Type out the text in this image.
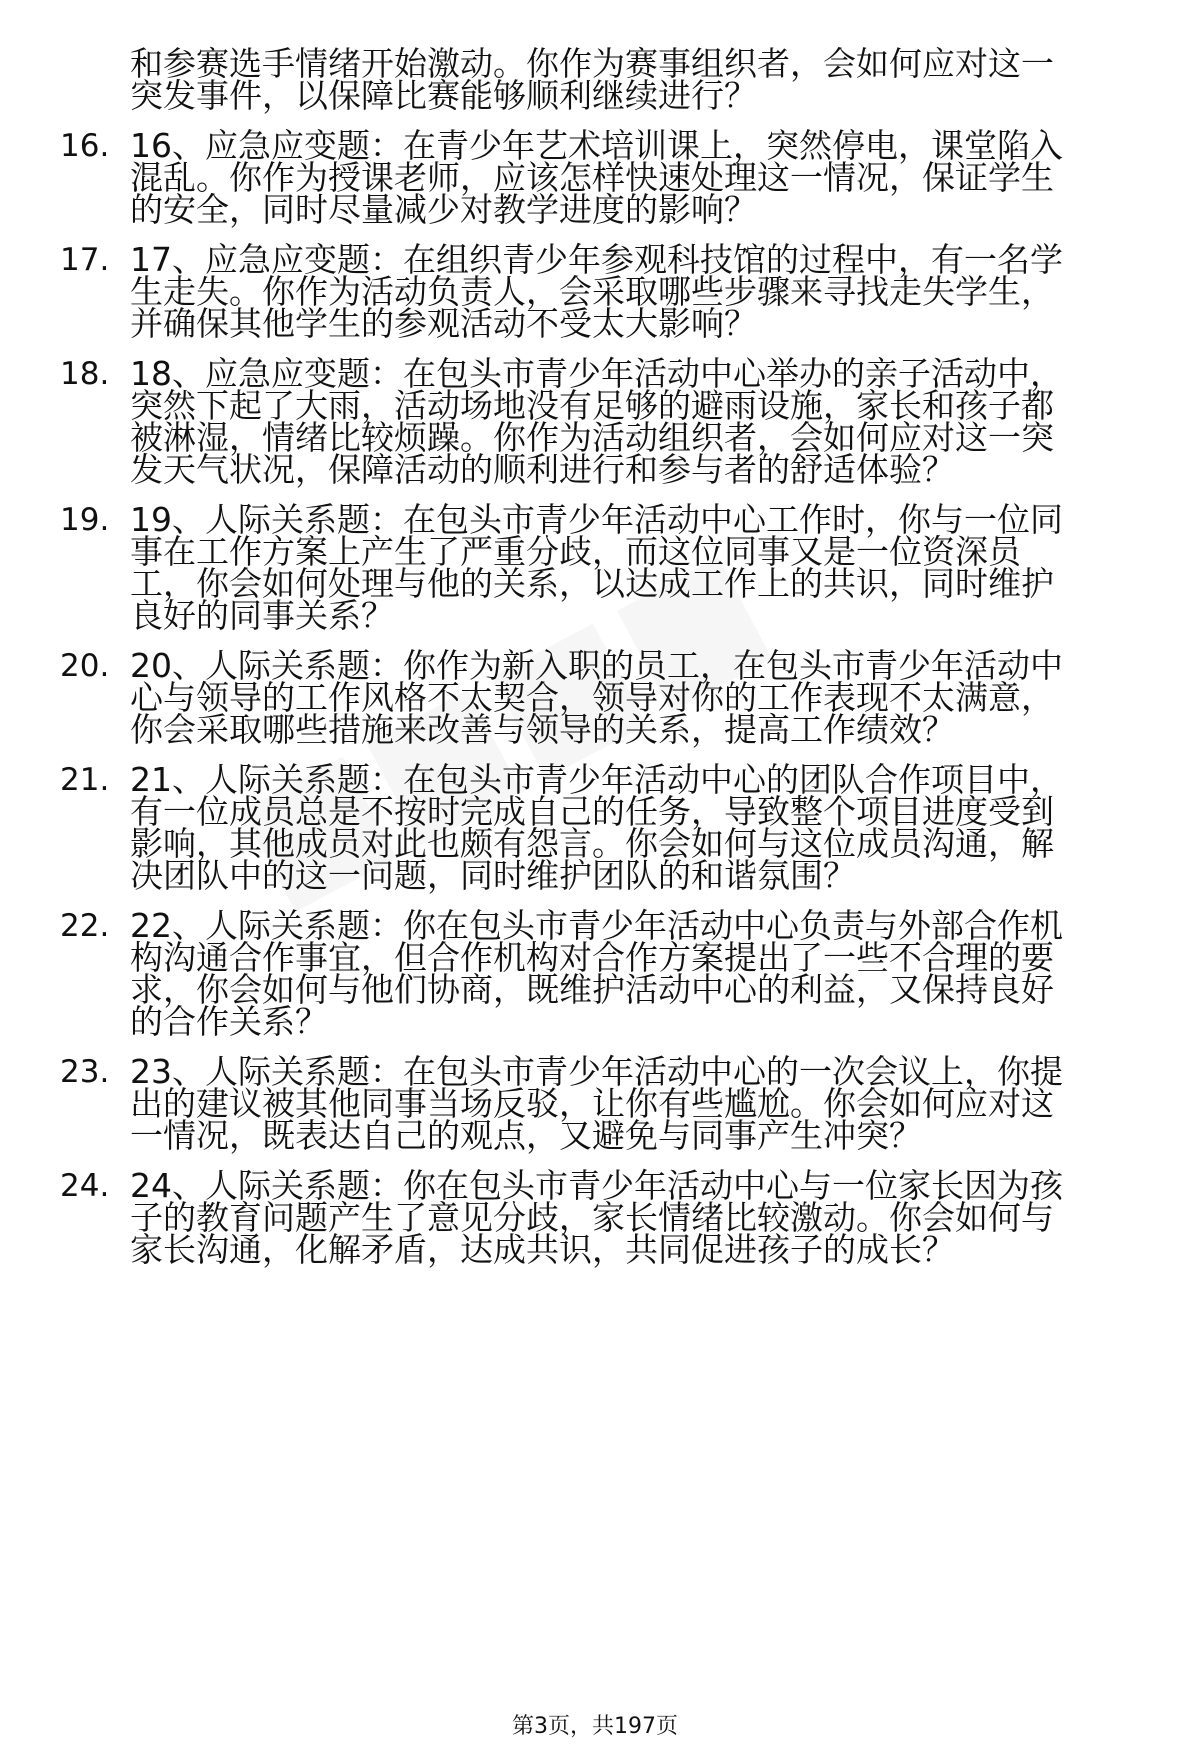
和参赛选手情绪开始激动。你作为赛事组织者，会如何应对这一
突发事件，以保障比赛能够顺利继续进行？
16. 16、应急应变题：在青少年艺术培训课上，突然停电，课堂陷入
混乱。你作为授课老师，应该怎样快速处理这一情况，保证学生
的安全，同时尽量减少对教学进度的影响？
17. 17、应急应变题：在组织青少年参观科技馆的过程中，有一名学
生走失。你作为活动负责人，会采取哪些步骤来寻找走失学生，
并确保其他学生的参观活动不受太大影响？
18. 18、应急应变题：在包头市青少年活动中心举办的亲子活动中，
突然下起了大雨，活动场地没有足够的避雨设施，家长和孩子都
被淋湿，情绪比较烦躁。你作为活动组织者，会如何应对这一突
发天气状况，保障活动的顺利进行和参与者的舒适体验？
19. 19、人际关系题：在包头市青少年活动中心工作时，你与一位同
事在工作方案上产生了严重分歧，而这位同事又是一位资深员
工，你会如何处理与他的关系，以达成工作上的共识，同时维护
良好的同事关系？
20. 20、人际关系题：你作为新入职的员工，在包头市青少年活动中
心与领导的工作风格不太契合，领导对你的工作表现不太满意，
你会采取哪些措施来改善与领导的关系，提高工作绩效？
21. 21、人际关系题：在包头市青少年活动中心的团队合作项目中，
有一位成员总是不按时完成自己的任务，导致整个项目进度受到
影响，其他成员对此也颇有怨言。你会如何与这位成员沟通，解
决团队中的这一问题，同时维护团队的和谐氛围？
22. 22、人际关系题：你在包头市青少年活动中心负责与外部合作机
构沟通合作事宜，但合作机构对合作方案提出了一些不合理的要
求，你会如何与他们协商，既维护活动中心的利益，又保持良好
的合作关系？
23. 23、人际关系题：在包头市青少年活动中心的一次会议上，你提
出的建议被其他同事当场反驳，让你有些尴尬。你会如何应对这
一情况，既表达自己的观点，又避免与同事产生冲突？
24. 24、人际关系题：你在包头市青少年活动中心与一位家长因为孩
子的教育问题产生了意见分歧，家长情绪比较激动。你会如何与
家长沟通，化解矛盾，达成共识，共同促进孩子的成长？
第3页，共197页
